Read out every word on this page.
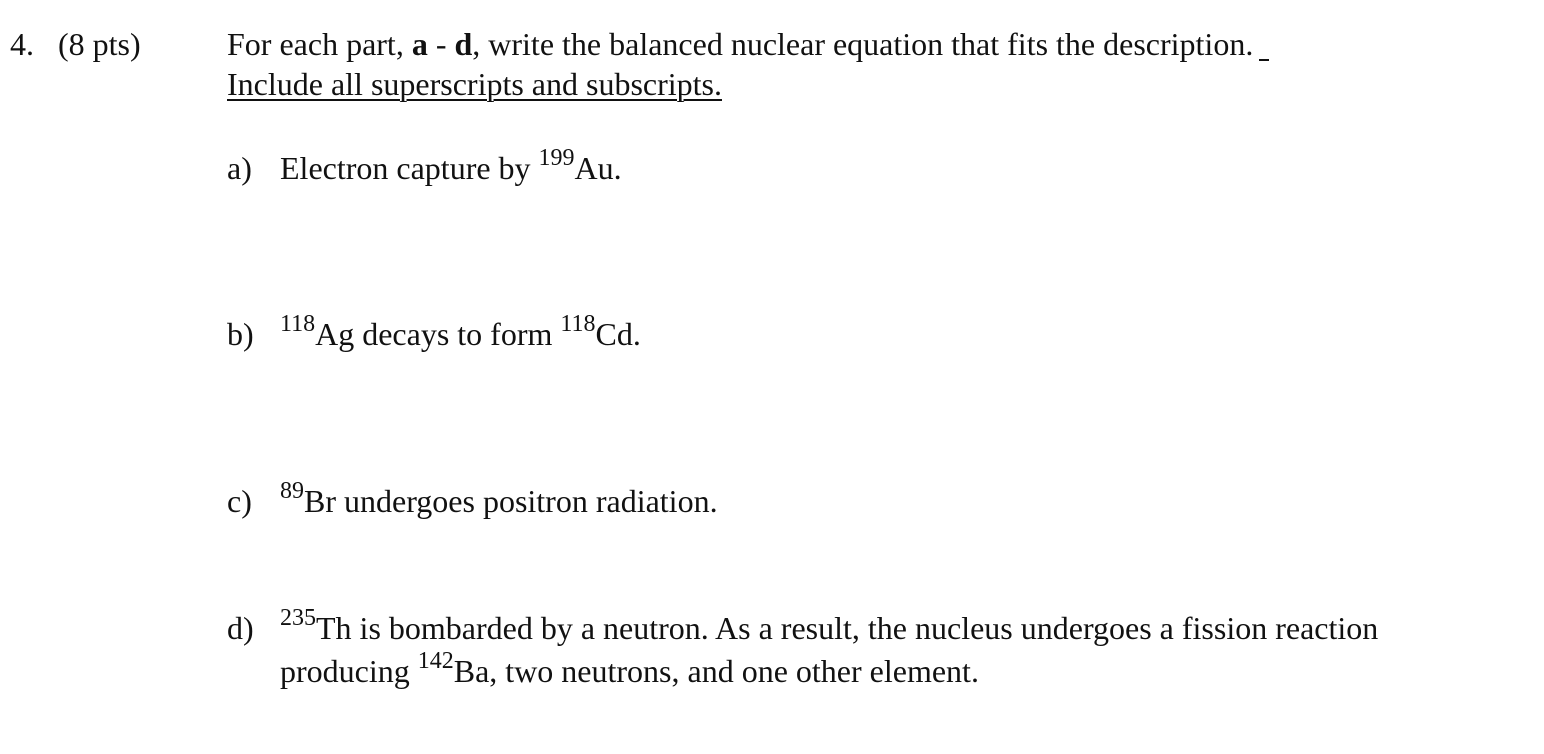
4. (8 pts)	For each part, a - d, write the balanced nuclear equation that fits the description.
Include all superscripts and subscripts.
a) Electron capture by $^{199}$Au.
b) $^{118}$Ag decays to form $^{118}$Cd.
c) $^{89}$Br undergoes positron radiation.
d) $^{235}$Th is bombarded by a neutron. As a result, the nucleus undergoes a fission reaction
producing $^{142}$Ba, two neutrons, and one other element.
